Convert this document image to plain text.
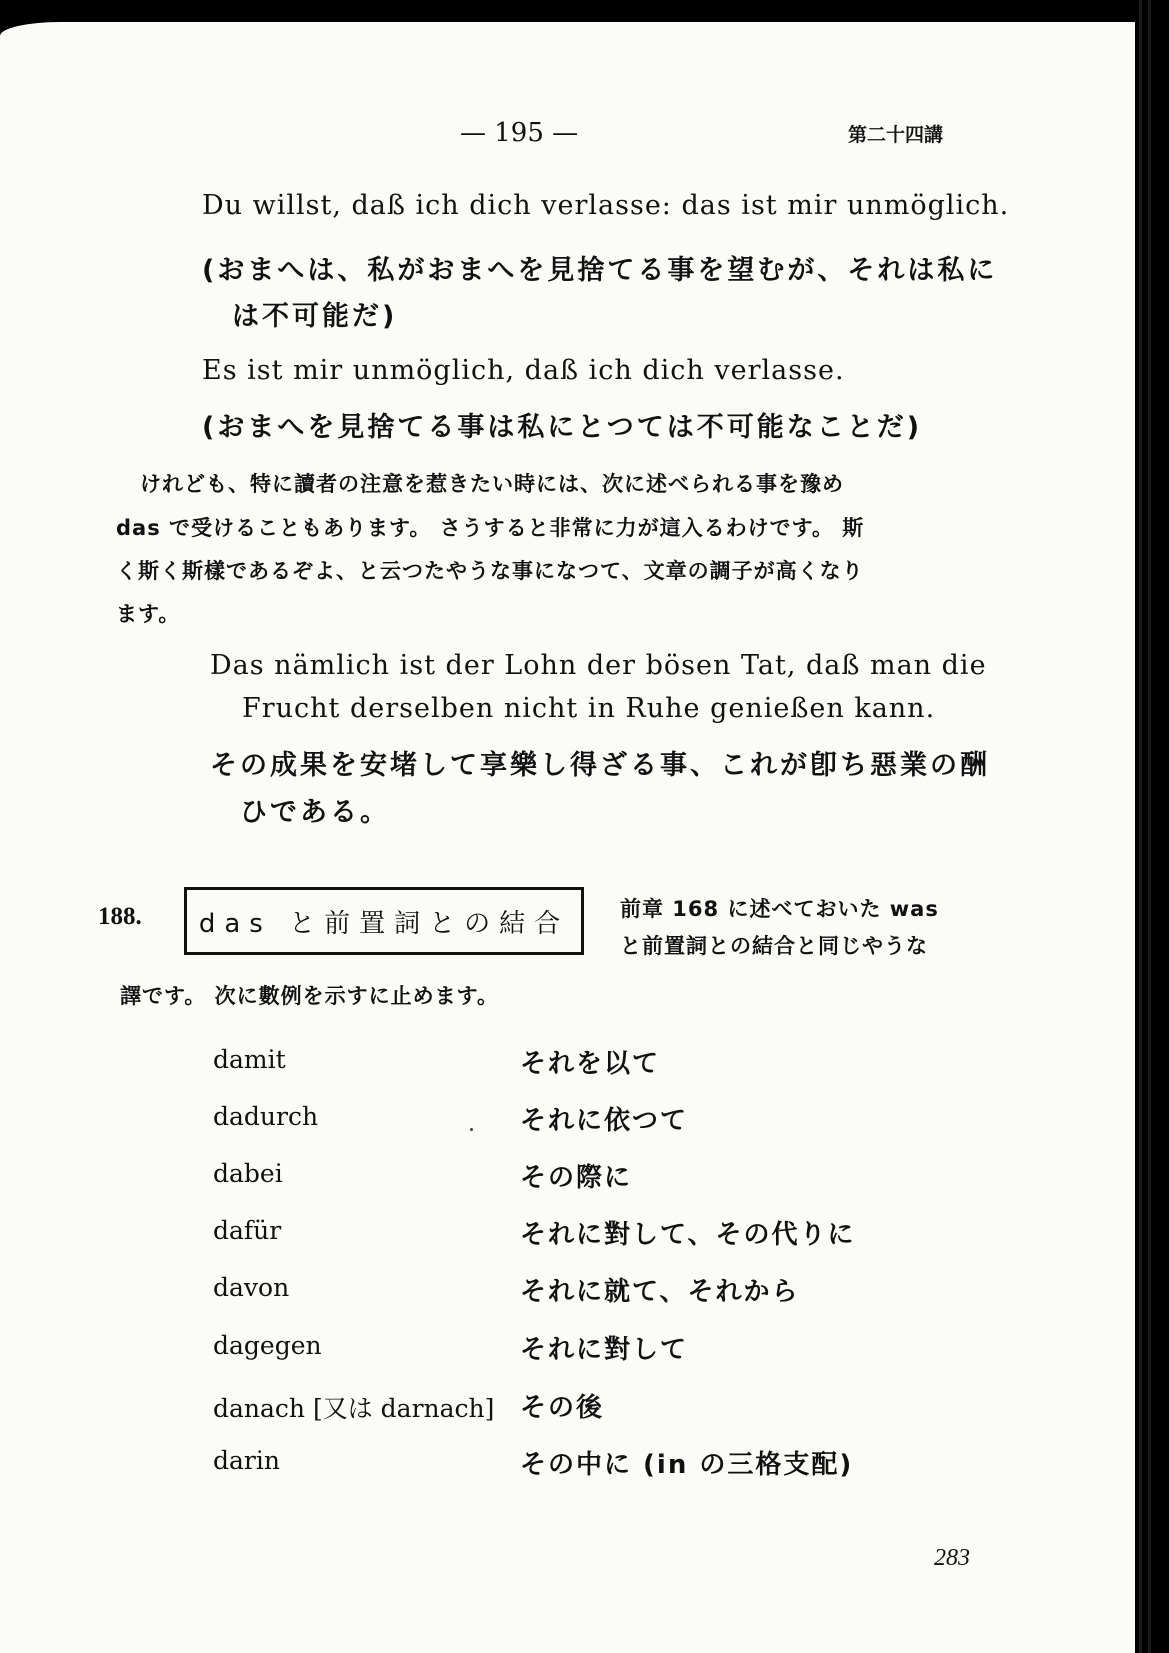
— 195 —	第二十四講
Du willst, daß ich dich verlasse: das ist mir unmöglich.
(おまへは、私がおまへを見捨てる事を望むが、それは私に
は不可能だ)
Es ist mir unmöglich, daß ich dich verlasse.
(おまへを見捨てる事は私にとつては不可能なことだ)
けれども、特に讀者の注意を惹きたい時には、次に述べられる事を豫め
das で受けることもあります。 さうすると非常に力が這入るわけです。 斯
く斯く斯樣であるぞよ、と云つたやうな事になつて、文章の調子が高くなり
ます。
Das nämlich ist der Lohn der bösen Tat, daß man die
Frucht derselben nicht in Ruhe genießen kann.
その成果を安堵して享樂し得ざる事、これが卽ち惡業の酬
ひである。
188. das と前置詞との結合 前章 168 に述べておいた was
と前置詞との結合と同じやうな
譯です。 次に數例を示すに止めます。
damit	それを以て
dadurch	それに依つて
dabei	その際に
dafür	それに對して、その代りに
davon	それに就て、それから
dagegen	それに對して
danach [又は darnach] その後
darin	その中に (in の三格支配)
283
